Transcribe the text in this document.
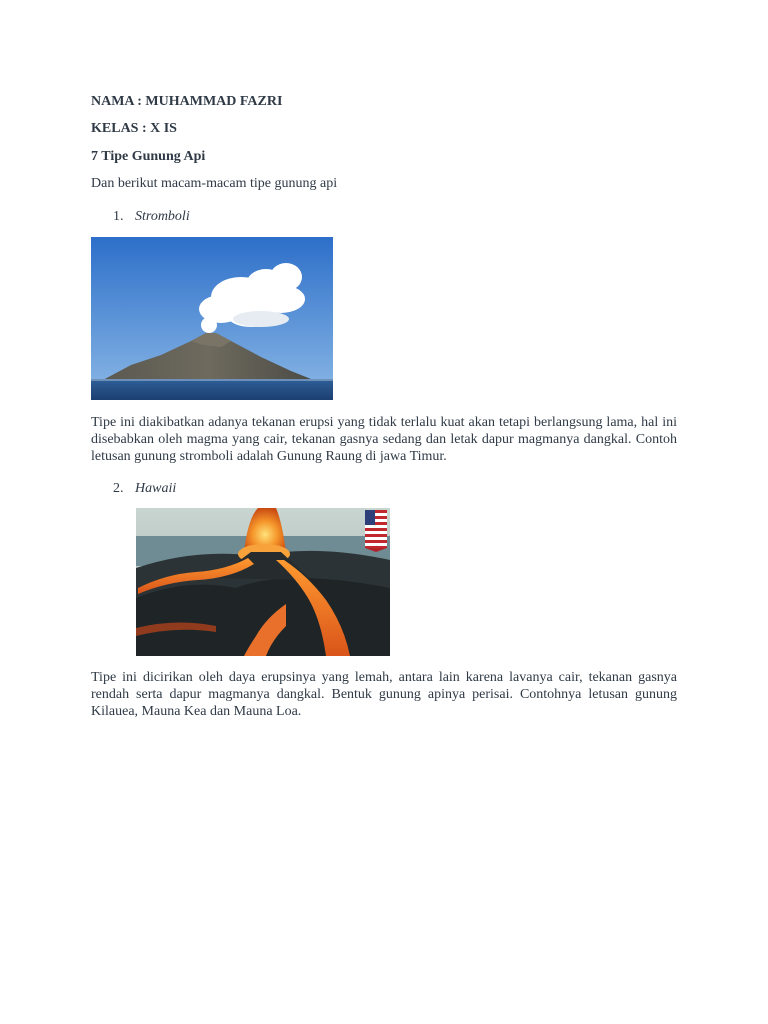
NAMA : MUHAMMAD FAZRI
KELAS : X IS
7 Tipe Gunung Api
Dan berikut macam-macam tipe gunung api
1. Stromboli
Tipe ini diakibatkan adanya tekanan erupsi yang tidak terlalu kuat akan tetapi berlangsung lama, hal ini disebabkan oleh magma yang cair, tekanan gasnya sedang dan letak dapur magmanya dangkal. Contoh letusan gunung stromboli adalah Gunung Raung di jawa Timur.
2. Hawaii
Tipe ini dicirikan oleh daya erupsinya yang lemah, antara lain karena lavanya cair, tekanan gasnya rendah serta dapur magmanya dangkal. Bentuk gunung apinya perisai. Contohnya letusan gunung Kilauea, Mauna Kea dan Mauna Loa.
